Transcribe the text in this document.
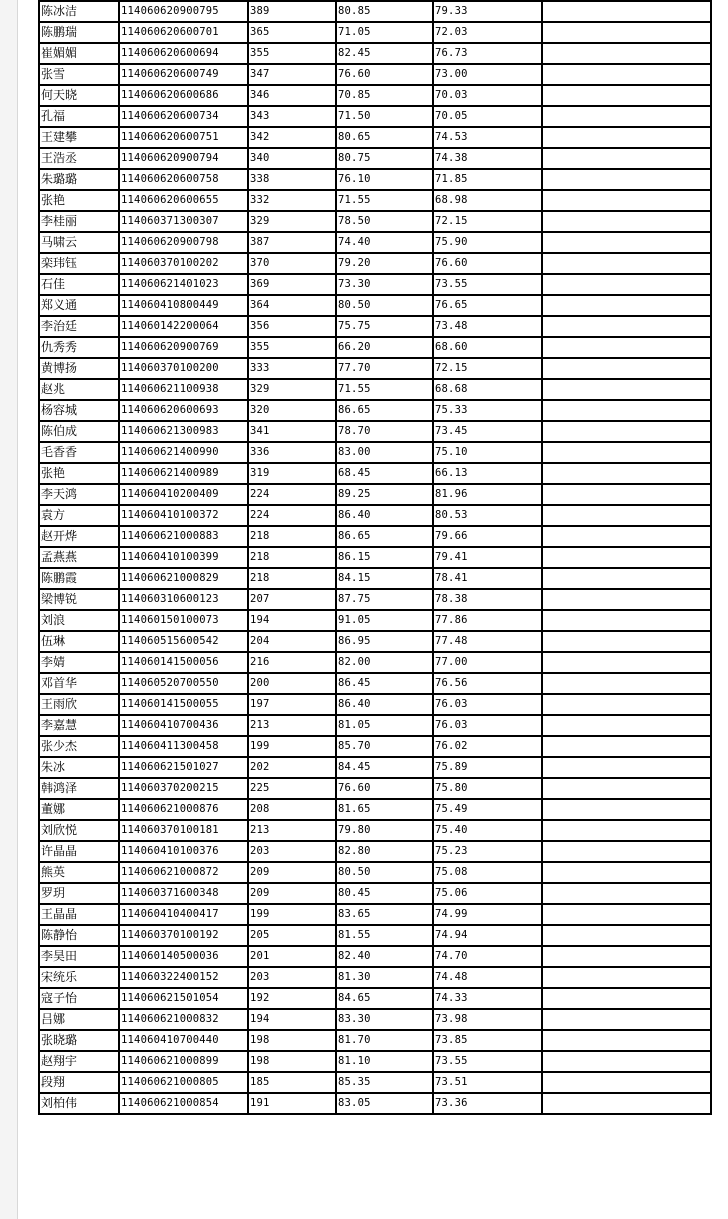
陈冰洁	114060620900795	389	80.85	79.33	
陈鹏瑞	114060620600701	365	71.05	72.03	
崔媚媚	114060620600694	355	82.45	76.73	
张雪	114060620600749	347	76.60	73.00	
何天晓	114060620600686	346	70.85	70.03	
孔福	114060620600734	343	71.50	70.05	
王建攀	114060620600751	342	80.65	74.53	
王浩丞	114060620900794	340	80.75	74.38	
朱璐璐	114060620600758	338	76.10	71.85	
张艳	114060620600655	332	71.55	68.98	
李桂丽	114060371300307	329	78.50	72.15	
马啸云	114060620900798	387	74.40	75.90	
栾玮钰	114060370100202	370	79.20	76.60	
石佳	114060621401023	369	73.30	73.55	
郑义通	114060410800449	364	80.50	76.65	
李治廷	114060142200064	356	75.75	73.48	
仇秀秀	114060620900769	355	66.20	68.60	
黄博扬	114060370100200	333	77.70	72.15	
赵兆	114060621100938	329	71.55	68.68	
杨容城	114060620600693	320	86.65	75.33	
陈伯成	114060621300983	341	78.70	73.45	
毛香香	114060621400990	336	83.00	75.10	
张艳	114060621400989	319	68.45	66.13	
李天鸿	114060410200409	224	89.25	81.96	
袁方	114060410100372	224	86.40	80.53	
赵开烨	114060621000883	218	86.65	79.66	
孟燕燕	114060410100399	218	86.15	79.41	
陈鹏霞	114060621000829	218	84.15	78.41	
梁博锐	114060310600123	207	87.75	78.38	
刘浪	114060150100073	194	91.05	77.86	
伍琳	114060515600542	204	86.95	77.48	
李婧	114060141500056	216	82.00	77.00	
邓首华	114060520700550	200	86.45	76.56	
王雨欣	114060141500055	197	86.40	76.03	
李嘉慧	114060410700436	213	81.05	76.03	
张少杰	114060411300458	199	85.70	76.02	
朱冰	114060621501027	202	84.45	75.89	
韩鸿泽	114060370200215	225	76.60	75.80	
董娜	114060621000876	208	81.65	75.49	
刘欣悦	114060370100181	213	79.80	75.40	
许晶晶	114060410100376	203	82.80	75.23	
熊英	114060621000872	209	80.50	75.08	
罗玥	114060371600348	209	80.45	75.06	
王晶晶	114060410400417	199	83.65	74.99	
陈静怡	114060370100192	205	81.55	74.94	
李昊田	114060140500036	201	82.40	74.70	
宋统乐	114060322400152	203	81.30	74.48	
寇子怡	114060621501054	192	84.65	74.33	
吕娜	114060621000832	194	83.30	73.98	
张晓璐	114060410700440	198	81.70	73.85	
赵翔宇	114060621000899	198	81.10	73.55	
段翔	114060621000805	185	85.35	73.51	
刘柏伟	114060621000854	191	83.05	73.36	
